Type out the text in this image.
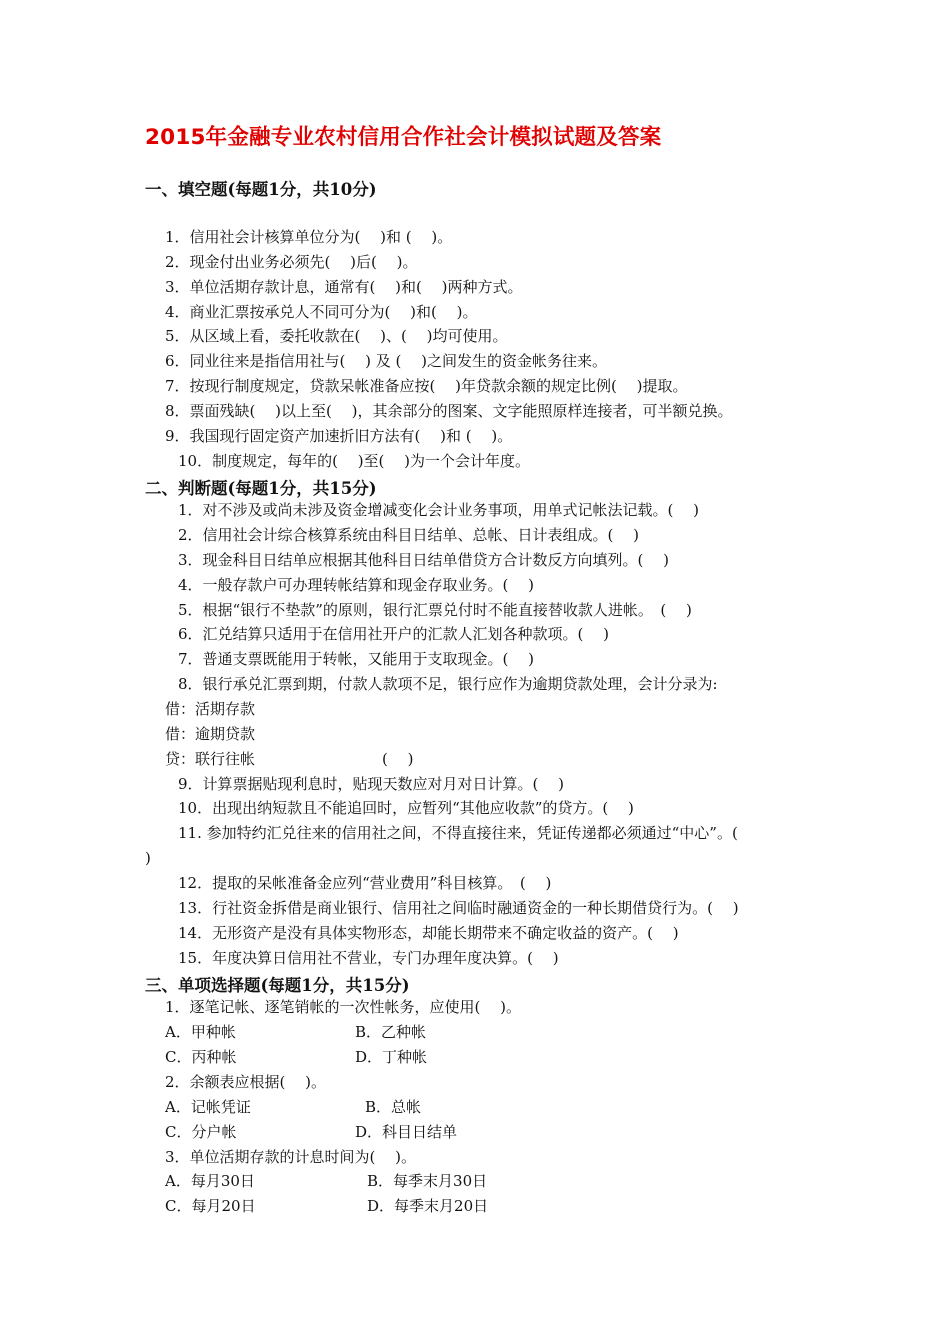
2015年金融专业农村信用合作社会计模拟试题及答案
一、填空题(每题1分，共10分)
1．信用社会计核算单位分为(　 )和 (　 )。
2．现金付出业务必须先(　 )后(　 )。
3．单位活期存款计息，通常有(　 )和(　 )两种方式。
4．商业汇票按承兑人不同可分为(　 )和(　 )。
5．从区域上看，委托收款在(　 )、(　 )均可使用。
6．同业往来是指信用社与(　 ) 及 (　 )之间发生的资金帐务往来。
7．按现行制度规定，贷款呆帐准备应按(　 )年贷款余额的规定比例(　 )提取。
8．票面残缺(　 )以上至(　 )，其余部分的图案、文字能照原样连接者，可半额兑换。
9．我国现行固定资产加速折旧方法有(　 )和 (　 )。
10．制度规定，每年的(　 )至(　 )为一个会计年度。
二、判断题(每题1分，共15分)
1．对不涉及或尚未涉及资金增减变化会计业务事项，用单式记帐法记载。(　 )
2．信用社会计综合核算系统由科目日结单、总帐、日计表组成。(　 )
3．现金科目日结单应根据其他科目日结单借贷方合计数反方向填列。(　 )
4．一般存款户可办理转帐结算和现金存取业务。(　 )
5．根据“银行不垫款”的原则，银行汇票兑付时不能直接替收款人进帐。　(　 )
6．汇兑结算只适用于在信用社开户的汇款人汇划各种款项。(　 )
7．普通支票既能用于转帐，又能用于支取现金。(　 )
8．银行承兑汇票到期，付款人款项不足，银行应作为逾期贷款处理，会计分录为:
借：活期存款
借：逾期贷款
贷：联行往帐	(　 )
9．计算票据贴现利息时，贴现天数应对月对日计算。(　 )
10．出现出纳短款且不能追回时，应暂列“其他应收款”的贷方。(　 )
11. 参加特约汇兑往来的信用社之间，不得直接往来，凭证传递都必须通过“中心”。(
)
12．提取的呆帐准备金应列“营业费用”科目核算。　(　 )
13．行社资金拆借是商业银行、信用社之间临时融通资金的一种长期借贷行为。(　 )
14．无形资产是没有具体实物形态，却能长期带来不确定收益的资产。(　 )
15．年度决算日信用社不营业，专门办理年度决算。(　 )
三、单项选择题(每题1分，共15分)
1．逐笔记帐、逐笔销帐的一次性帐务，应使用(　 )。
A．甲种帐	B．乙种帐
C．丙种帐	D．丁种帐
2．余额表应根据(　 )。
A．记帐凭证	B．总帐
C．分户帐	D．科目日结单
3．单位活期存款的计息时间为(　 )。
A．每月30日	B．每季末月30日
C．每月20日	D．每季末月20日
